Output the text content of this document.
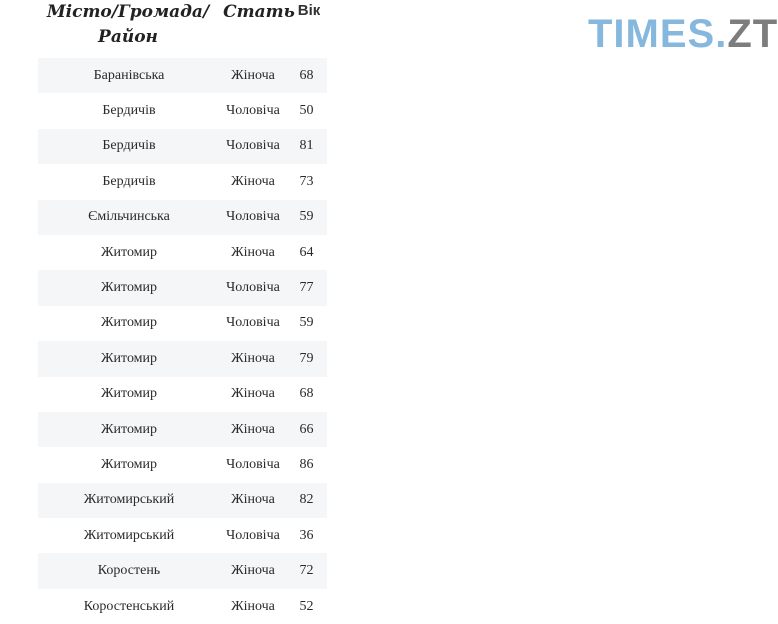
TIMES.ZT
Місто/Громада/
Район
Стать Вік
Баранівська	Жіноча	68
Бердичів	Чоловіча	50
Бердичів	Чоловіча	81
Бердичів	Жіноча	73
Ємільчинська	Чоловіча	59
Житомир	Жіноча	64
Житомир	Чоловіча	77
Житомир	Чоловіча	59
Житомир	Жіноча	79
Житомир	Жіноча	68
Житомир	Жіноча	66
Житомир	Чоловіча	86
Житомирський	Жіноча	82
Житомирський	Чоловіча	36
Коростень	Жіноча	72
Коростенський	Жіноча	52
